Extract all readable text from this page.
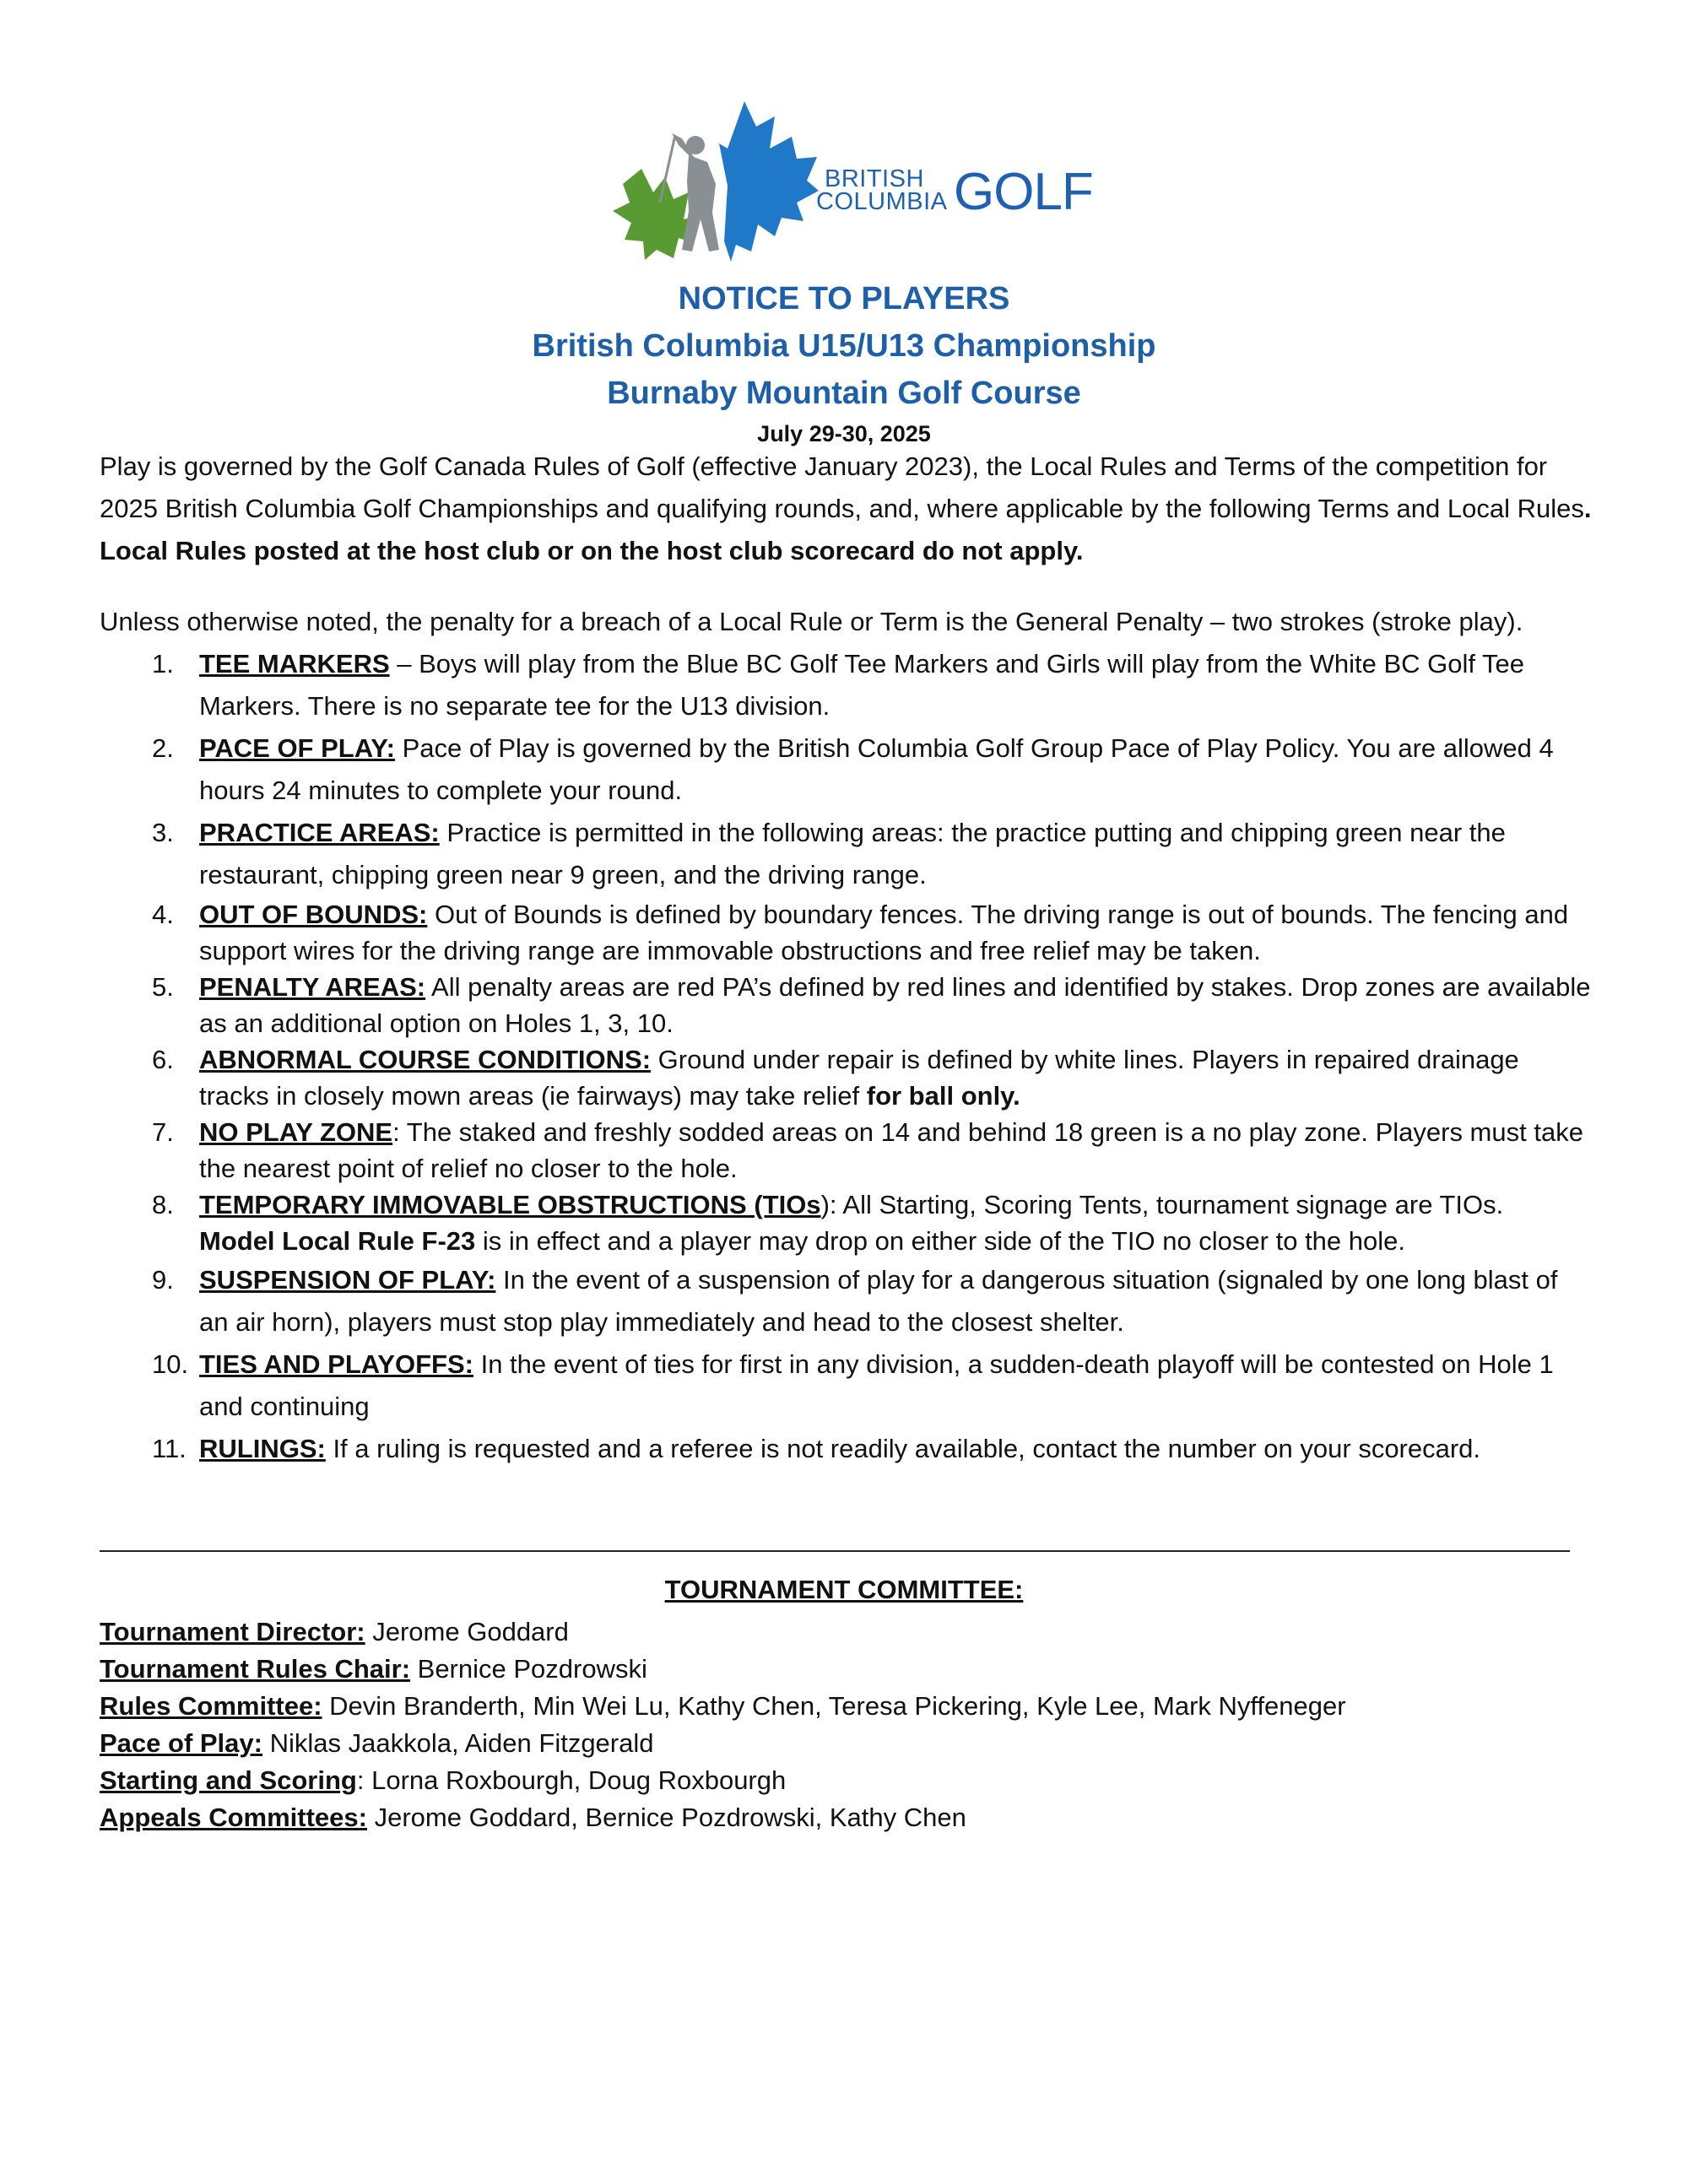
BRITISH
COLUMBIA GOLF
NOTICE TO PLAYERS
British Columbia U15/U13 Championship
Burnaby Mountain Golf Course
July 29-30, 2025

Play is governed by the Golf Canada Rules of Golf (effective January 2023), the Local Rules and Terms of the competition for 2025 British Columbia Golf Championships and qualifying rounds, and, where applicable by the following Terms and Local Rules. Local Rules posted at the host club or on the host club scorecard do not apply.

Unless otherwise noted, the penalty for a breach of a Local Rule or Term is the General Penalty – two strokes (stroke play).

1. TEE MARKERS – Boys will play from the Blue BC Golf Tee Markers and Girls will play from the White BC Golf Tee Markers. There is no separate tee for the U13 division.
2. PACE OF PLAY: Pace of Play is governed by the British Columbia Golf Group Pace of Play Policy. You are allowed 4 hours 24 minutes to complete your round.
3. PRACTICE AREAS: Practice is permitted in the following areas: the practice putting and chipping green near the restaurant, chipping green near 9 green, and the driving range.
4. OUT OF BOUNDS: Out of Bounds is defined by boundary fences. The driving range is out of bounds. The fencing and support wires for the driving range are immovable obstructions and free relief may be taken.
5. PENALTY AREAS: All penalty areas are red PA’s defined by red lines and identified by stakes. Drop zones are available as an additional option on Holes 1, 3, 10.
6. ABNORMAL COURSE CONDITIONS: Ground under repair is defined by white lines. Players in repaired drainage tracks in closely mown areas (ie fairways) may take relief for ball only.
7. NO PLAY ZONE: The staked and freshly sodded areas on 14 and behind 18 green is a no play zone. Players must take the nearest point of relief no closer to the hole.
8. TEMPORARY IMMOVABLE OBSTRUCTIONS (TIOs): All Starting, Scoring Tents, tournament signage are TIOs.
Model Local Rule F-23 is in effect and a player may drop on either side of the TIO no closer to the hole.
9. SUSPENSION OF PLAY: In the event of a suspension of play for a dangerous situation (signaled by one long blast of an air horn), players must stop play immediately and head to the closest shelter.
10. TIES AND PLAYOFFS: In the event of ties for first in any division, a sudden-death playoff will be contested on Hole 1 and continuing
11. RULINGS: If a ruling is requested and a referee is not readily available, contact the number on your scorecard.
TOURNAMENT COMMITTEE:
Tournament Director: Jerome Goddard
Tournament Rules Chair: Bernice Pozdrowski
Rules Committee: Devin Branderth, Min Wei Lu, Kathy Chen, Teresa Pickering, Kyle Lee, Mark Nyffeneger
Pace of Play: Niklas Jaakkola, Aiden Fitzgerald
Starting and Scoring: Lorna Roxbourgh, Doug Roxbourgh
Appeals Committees: Jerome Goddard, Bernice Pozdrowski, Kathy Chen
